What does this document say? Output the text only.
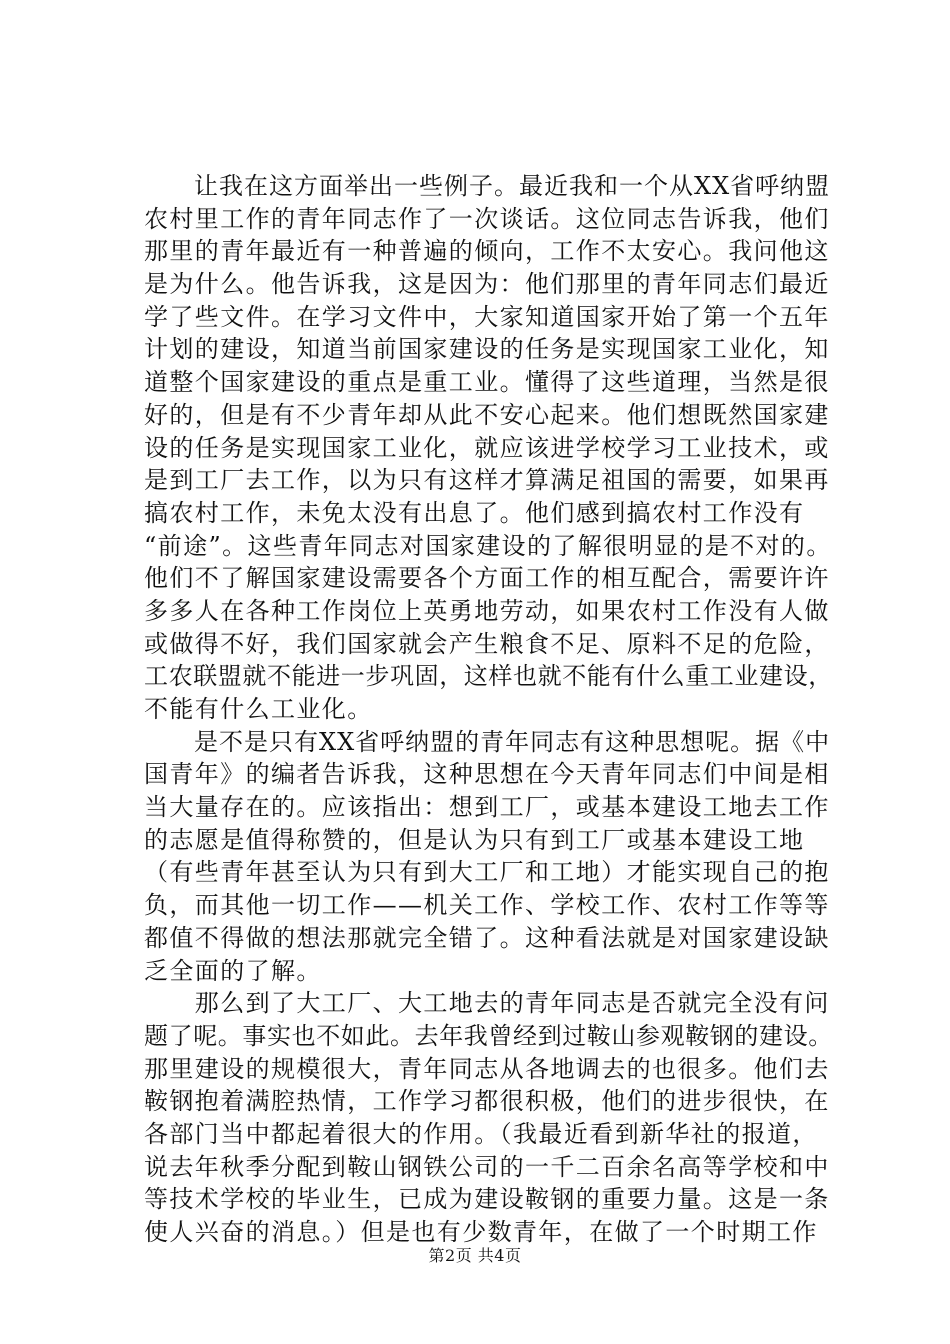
　　让我在这方面举出一些例子。最近我和一个从XX省呼纳盟
农村里工作的青年同志作了一次谈话。这位同志告诉我，他们
那里的青年最近有一种普遍的倾向，工作不太安心。我问他这
是为什么。他告诉我，这是因为：他们那里的青年同志们最近
学了些文件。在学习文件中，大家知道国家开始了第一个五年
计划的建设，知道当前国家建设的任务是实现国家工业化，知
道整个国家建设的重点是重工业。懂得了这些道理，当然是很
好的，但是有不少青年却从此不安心起来。他们想既然国家建
设的任务是实现国家工业化，就应该进学校学习工业技术，或
是到工厂去工作，以为只有这样才算满足祖国的需要，如果再
搞农村工作，未免太没有出息了。他们感到搞农村工作没有
“前途”。这些青年同志对国家建设的了解很明显的是不对的。
他们不了解国家建设需要各个方面工作的相互配合，需要许许
多多人在各种工作岗位上英勇地劳动，如果农村工作没有人做
或做得不好，我们国家就会产生粮食不足、原料不足的危险，
工农联盟就不能进一步巩固，这样也就不能有什么重工业建设，
不能有什么工业化。
　　是不是只有XX省呼纳盟的青年同志有这种思想呢。据《中
国青年》的编者告诉我，这种思想在今天青年同志们中间是相
当大量存在的。应该指出：想到工厂，或基本建设工地去工作
的志愿是值得称赞的，但是认为只有到工厂或基本建设工地
（有些青年甚至认为只有到大工厂和工地）才能实现自己的抱
负，而其他一切工作——机关工作、学校工作、农村工作等等
都值不得做的想法那就完全错了。这种看法就是对国家建设缺
乏全面的了解。
　　那么到了大工厂、大工地去的青年同志是否就完全没有问
题了呢。事实也不如此。去年我曾经到过鞍山参观鞍钢的建设。
那里建设的规模很大，青年同志从各地调去的也很多。他们去
鞍钢抱着满腔热情，工作学习都很积极，他们的进步很快，在
各部门当中都起着很大的作用。（我最近看到新华社的报道，
说去年秋季分配到鞍山钢铁公司的一千二百余名高等学校和中
等技术学校的毕业生，已成为建设鞍钢的重要力量。这是一条
使人兴奋的消息。）但是也有少数青年，在做了一个时期工作
第2页 共4页
